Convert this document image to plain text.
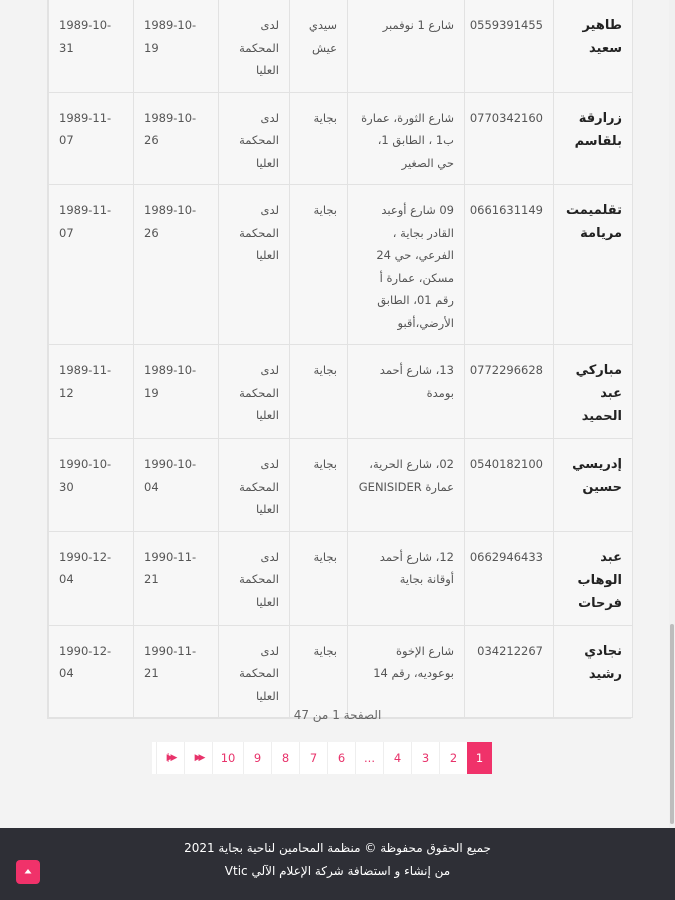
طاهير سعيد	0559391455	شارع 1 نوفمبر	سيدي عيش	لدى المحكمة العليا	1989-10-19	1989-10-31
زرارقة بلقاسم	0770342160	شارع الثورة، عمارة ب1 ، الطابق 1، حي الصغير	بجاية	لدى المحكمة العليا	1989-10-26	1989-11-07
تقلميمت مريامة	0661631149	09 شارع أوعبد القادر بجاية ، الفرعي، حي 24 مسكن، عمارة أ رقم 01، الطابق الأرضي،أقبو	بجاية	لدى المحكمة العليا	1989-10-26	1989-11-07
مباركي عبد الحميد	0772296628	13، شارع أحمد بومدة	بجاية	لدى المحكمة العليا	1989-10-19	1989-11-12
إدريسي حسين	0540182100	02، شارع الحرية، عمارة GENISIDER	بجاية	لدى المحكمة العليا	1990-10-04	1990-10-30
عبد الوهاب فرحات	0662946433	12، شارع أحمد أوقانة بجاية	بجاية	لدى المحكمة العليا	1990-11-21	1990-12-04
نجادي رشيد	034212267	شارع الإخوة بوعوديه، رقم 14	بجاية	لدى المحكمة العليا	1990-11-21	1990-12-04
الصفحة 1 من 47
1
2
3
4
...
6
7
8
9
10
▶▶
▶▶|
جميع الحقوق محفوظة © منظمة المحامين لناحية بجاية 2021
من إنشاء و استضافة شركة الإعلام الآلي Vtic
